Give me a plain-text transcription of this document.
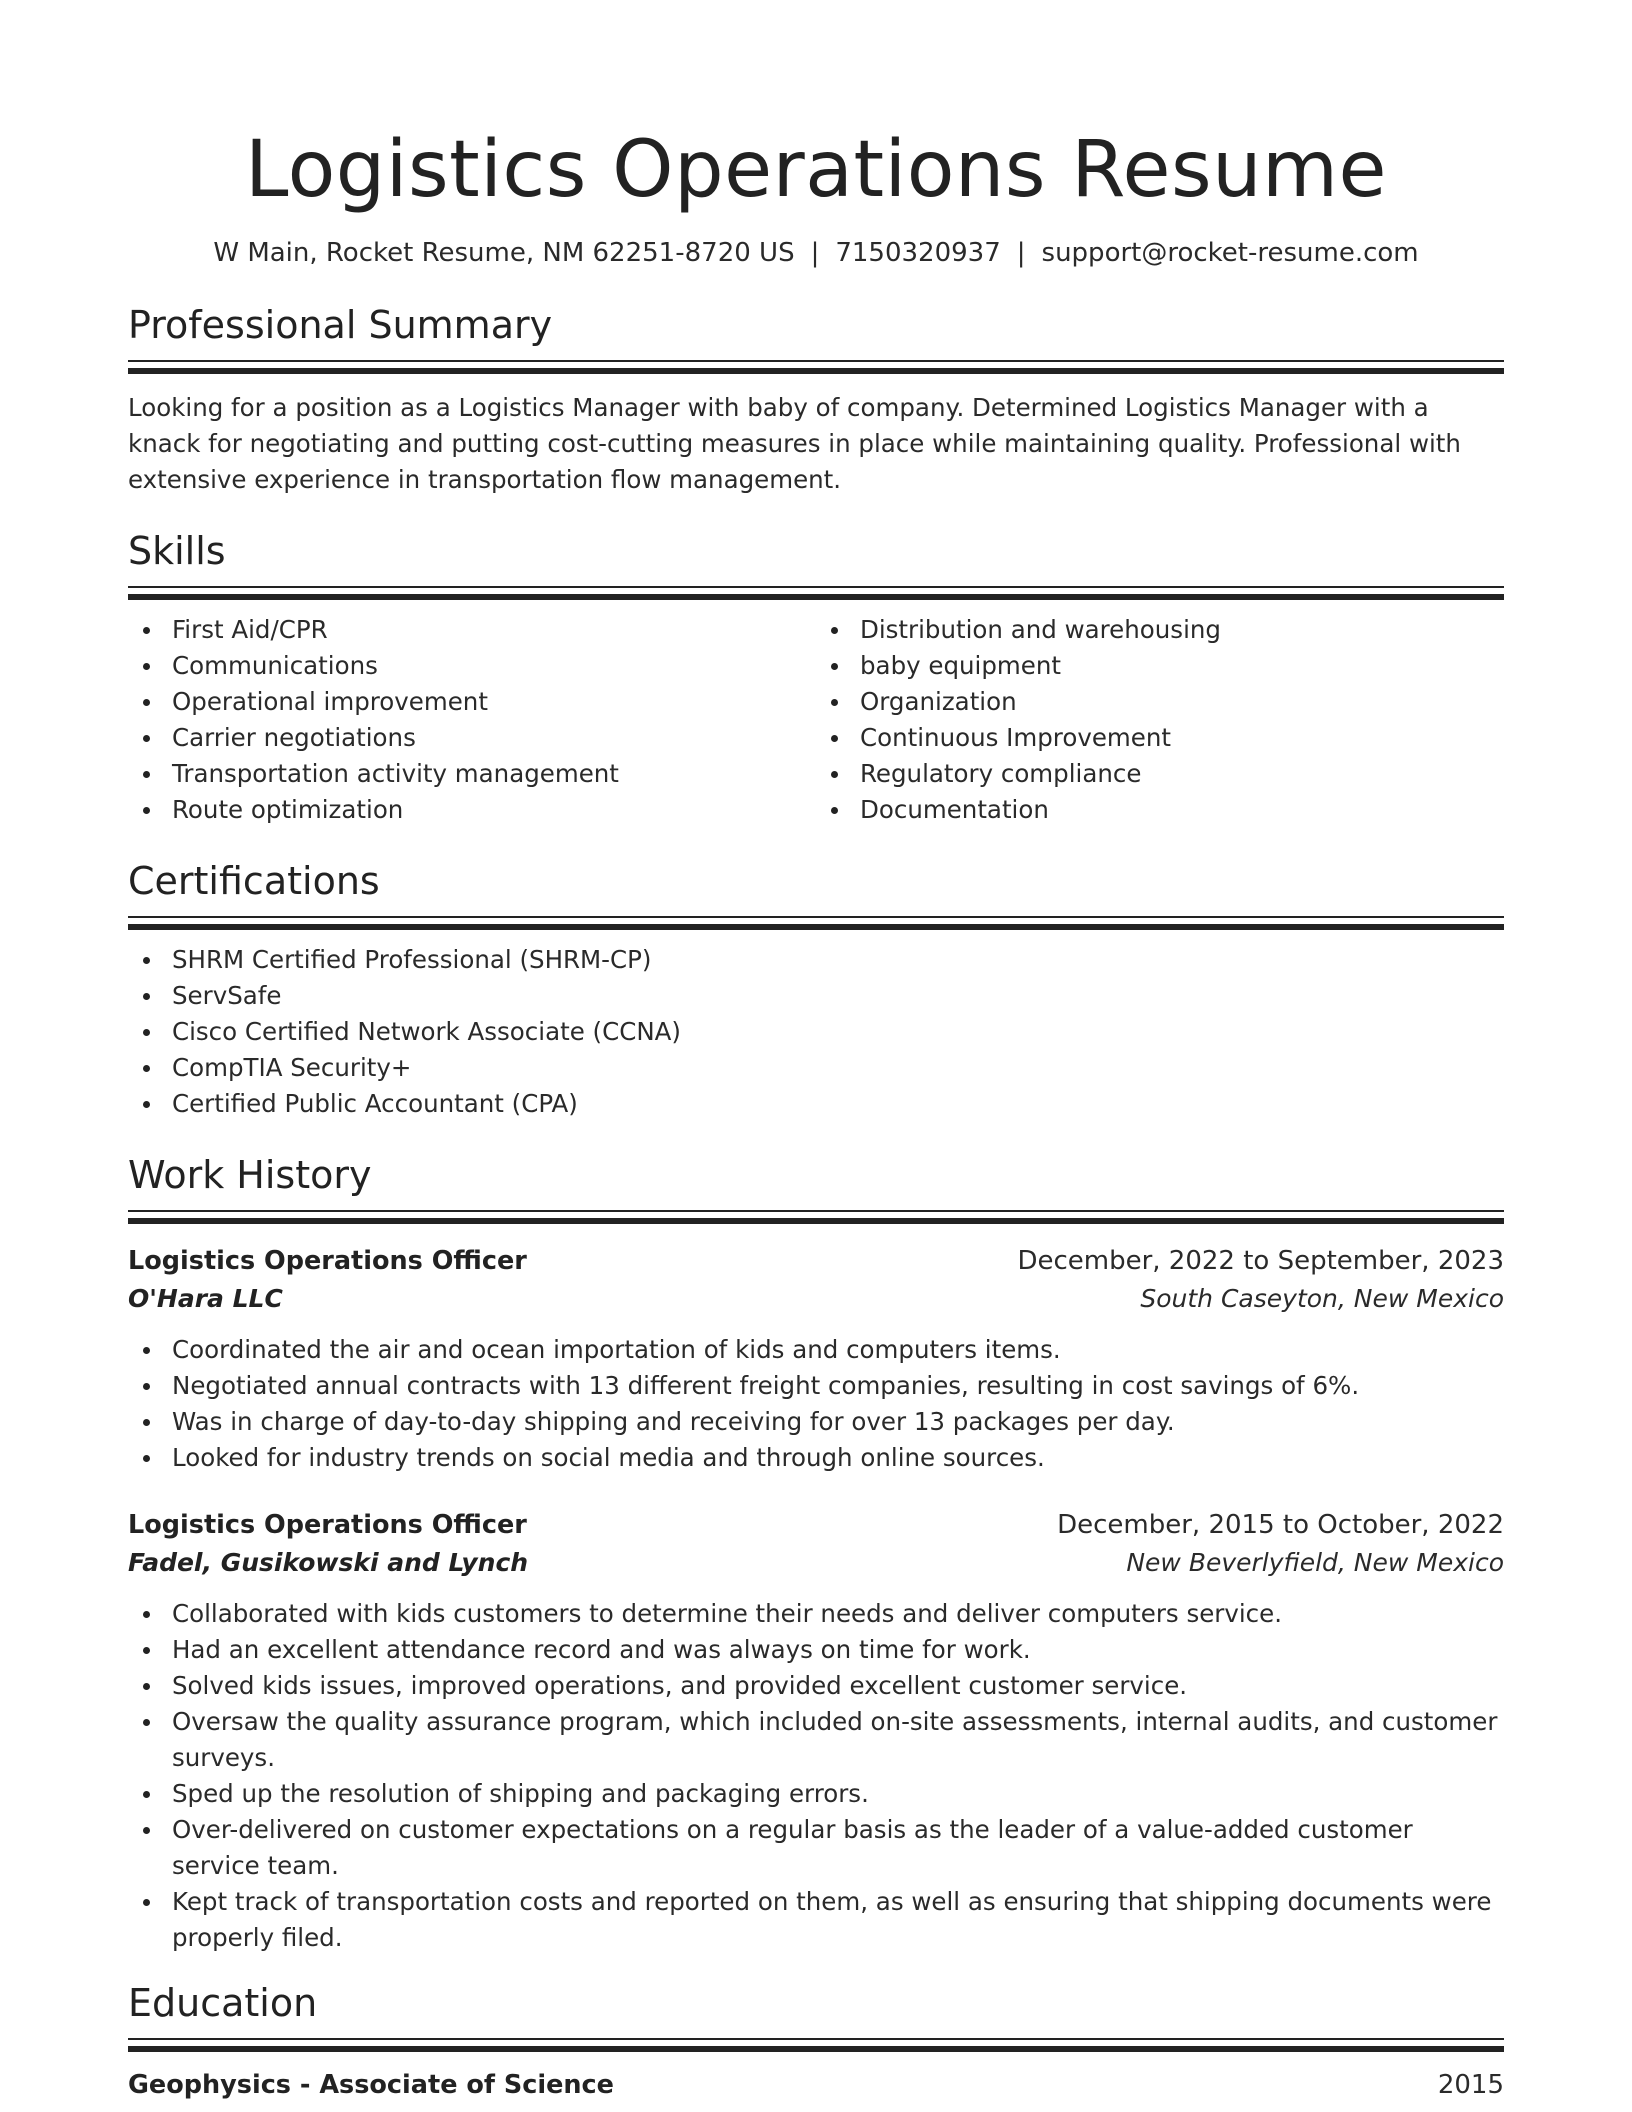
Logistics Operations Resume
W Main, Rocket Resume, NM 62251-8720 US | 7150320937 | support@rocket-resume.com
Professional Summary

Looking for a position as a Logistics Manager with baby of company. Determined Logistics Manager with a knack for negotiating and putting cost-cutting measures in place while maintaining quality. Professional with extensive experience in transportation flow management.

Skills
First Aid/CPR
Communications
Operational improvement
Carrier negotiations
Transportation activity management
Route optimization
Distribution and warehousing
baby equipment
Organization
Continuous Improvement
Regulatory compliance
Documentation
Certifications
SHRM Certified Professional (SHRM-CP)
ServSafe
Cisco Certified Network Associate (CCNA)
CompTIA Security+
Certified Public Accountant (CPA)
Work History
Logistics Operations Officer	December, 2022 to September, 2023
O'Hara LLC	South Caseyton, New Mexico
Coordinated the air and ocean importation of kids and computers items.
Negotiated annual contracts with 13 different freight companies, resulting in cost savings of 6%.
Was in charge of day-to-day shipping and receiving for over 13 packages per day.
Looked for industry trends on social media and through online sources.
Logistics Operations Officer	December, 2015 to October, 2022
Fadel, Gusikowski and Lynch	New Beverlyfield, New Mexico
Collaborated with kids customers to determine their needs and deliver computers service.
Had an excellent attendance record and was always on time for work.
Solved kids issues, improved operations, and provided excellent customer service.
Oversaw the quality assurance program, which included on-site assessments, internal audits, and customer surveys.
Sped up the resolution of shipping and packaging errors.
Over-delivered on customer expectations on a regular basis as the leader of a value-added customer service team.
Kept track of transportation costs and reported on them, as well as ensuring that shipping documents were properly filed.
Education
Geophysics - Associate of Science	2015
